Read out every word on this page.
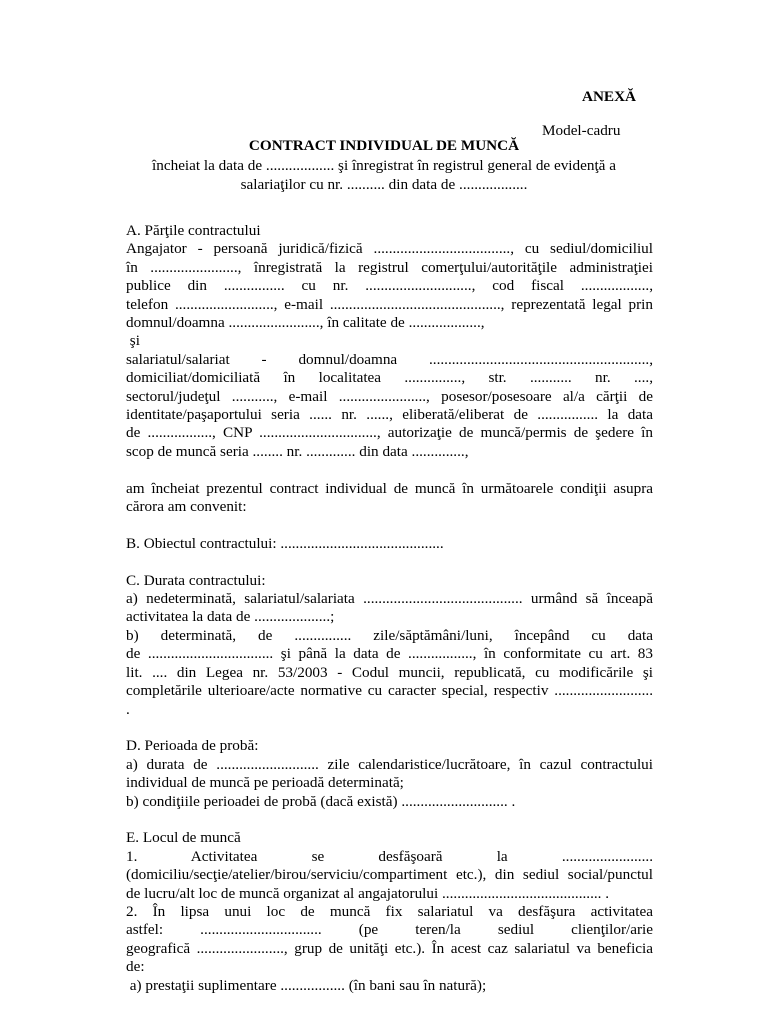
ANEXĂ
Model-cadru
CONTRACT INDIVIDUAL DE MUNCĂ
încheiat la data de .................. şi înregistrat în registrul general de evidenţă a
salariaţilor cu nr. .......... din data de ..................
A. Părţile contractului
Angajator - persoană juridică/fizică ...................................., cu sediul/domiciliul
în ......................., înregistrată la registrul comerţului/autorităţile administraţiei
publice din ................ cu nr. ............................, cod fiscal ..................,
telefon .........................., e-mail ............................................., reprezentată legal prin
domnul/doamna ........................, în calitate de ...................,
şi
salariatul/salariat - domnul/doamna ..........................................................,
domiciliat/domiciliată în localitatea ..............., str. ........... nr. ....,
sectorul/judeţul ..........., e-mail ......................., posesor/posesoare al/a cărţii de
identitate/paşaportului seria ...... nr. ......, eliberată/eliberat de ................ la data
de ................., CNP ..............................., autorizaţie de muncă/permis de şedere în
scop de muncă seria ........ nr. ............. din data ..............,
am încheiat prezentul contract individual de muncă în următoarele condiţii asupra
cărora am convenit:
B. Obiectul contractului: ...........................................
C. Durata contractului:
a) nedeterminată, salariatul/salariata .......................................... urmând să înceapă
activitatea la data de ....................;
b) determinată, de ............... zile/săptămâni/luni, începând cu data
de ................................. şi până la data de ................., în conformitate cu art. 83
lit. .... din Legea nr. 53/2003 - Codul muncii, republicată, cu modificările şi
completările ulterioare/acte normative cu caracter special, respectiv ..........................
.
D. Perioada de probă:
a) durata de ........................... zile calendaristice/lucrătoare, în cazul contractului
individual de muncă pe perioadă determinată;
b) condiţiile perioadei de probă (dacă există) ............................ .
E. Locul de muncă
1. Activitatea se desfăşoară la ........................
(domiciliu/secţie/atelier/birou/serviciu/compartiment etc.), din sediul social/punctul
de lucru/alt loc de muncă organizat al angajatorului .......................................... .
2. În lipsa unui loc de muncă fix salariatul va desfăşura activitatea
astfel: ................................ (pe teren/la sediul clienţilor/arie
geografică ......................., grup de unităţi etc.). În acest caz salariatul va beneficia
de:
a) prestaţii suplimentare ................. (în bani sau în natură);
